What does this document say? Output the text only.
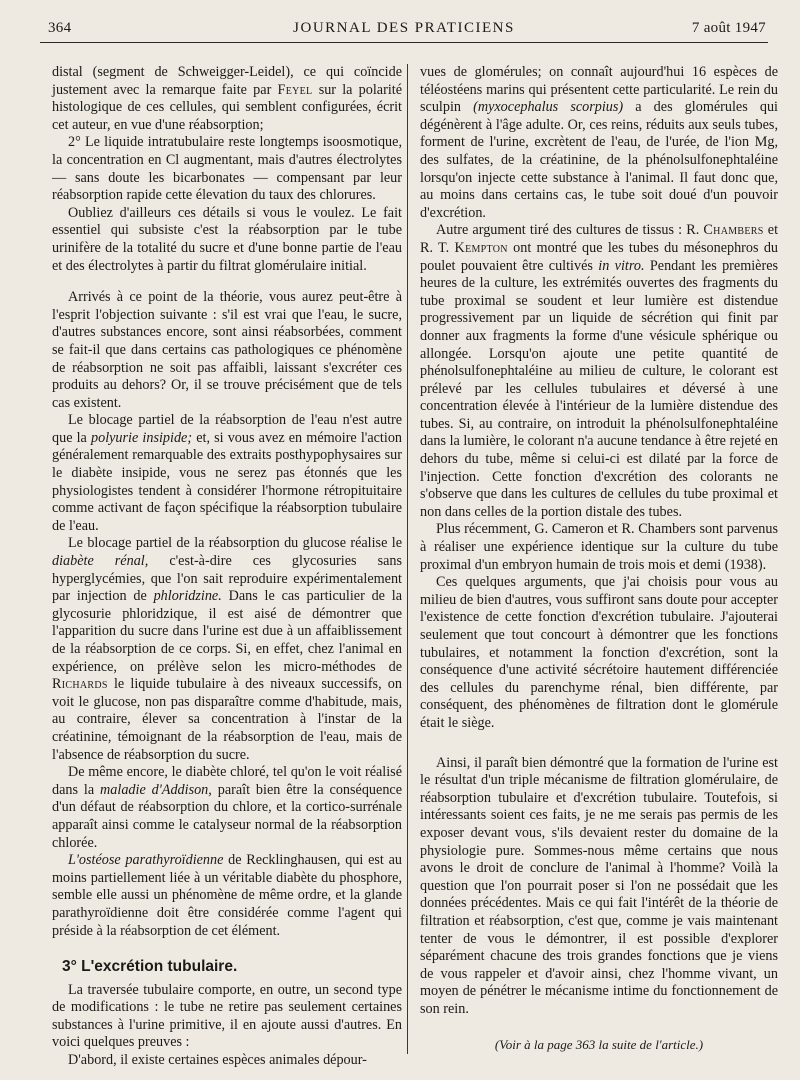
364	JOURNAL DES PRATICIENS	7 août 1947

distal (segment de Schweigger-Leidel), ce qui coïncide justement avec la remarque faite par Feyel sur la polarité histologique de ces cellules, qui semblent configurées, écrit cet auteur, en vue d'une réabsorption;

2° Le liquide intratubulaire reste longtemps isoosmotique, la concentration en Cl augmentant, mais d'autres électrolytes — sans doute les bicarbonates — compensant par leur réabsorption rapide cette élevation du taux des chlorures.

Oubliez d'ailleurs ces détails si vous le voulez. Le fait essentiel qui subsiste c'est la réabsorption par le tube urinifère de la totalité du sucre et d'une bonne partie de l'eau et des électrolytes à partir du filtrat glomérulaire initial.

Arrivés à ce point de la théorie, vous aurez peut-être à l'esprit l'objection suivante : s'il est vrai que l'eau, le sucre, d'autres substances encore, sont ainsi réabsorbées, comment se fait-il que dans certains cas pathologiques ce phénomène de réabsorption ne soit pas affaibli, laissant s'excréter ces produits au dehors? Or, il se trouve précisément que de tels cas existent.

Le blocage partiel de la réabsorption de l'eau n'est autre que la polyurie insipide; et, si vous avez en mémoire l'action généralement remarquable des extraits posthypophysaires sur le diabète insipide, vous ne serez pas étonnés que les physiologistes tendent à considérer l'hormone rétropituitaire comme activant de façon spécifique la réabsorption tubulaire de l'eau.

Le blocage partiel de la réabsorption du glucose réalise le diabète rénal, c'est-à-dire ces glycosuries sans hyperglycémies, que l'on sait reproduire expérimentalement par injection de phloridzine. Dans le cas particulier de la glycosurie phloridzique, il est aisé de démontrer que l'apparition du sucre dans l'urine est due à un affaiblissement de la réabsorption de ce corps. Si, en effet, chez l'animal en expérience, on prélève selon les micro-méthodes de Richards le liquide tubulaire à des niveaux successifs, on voit le glucose, non pas disparaître comme d'habitude, mais, au contraire, élever sa concentration à l'instar de la créatinine, témoignant de la réabsorption de l'eau, mais de l'absence de réabsorption du sucre.

De même encore, le diabète chloré, tel qu'on le voit réalisé dans la maladie d'Addison, paraît bien être la conséquence d'un défaut de réabsorption du chlore, et la cortico-surrénale apparaît ainsi comme le catalyseur normal de la réabsorption chlorée.

L'ostéose parathyroïdienne de Recklinghausen, qui est au moins partiellement liée à un véritable diabète du phosphore, semble elle aussi un phénomène de même ordre, et la glande parathyroïdienne doit être considérée comme l'agent qui préside à la réabsorption de cet élément.

3° L'excrétion tubulaire.

La traversée tubulaire comporte, en outre, un second type de modifications : le tube ne retire pas seulement certaines substances à l'urine primitive, il en ajoute aussi d'autres. En voici quelques preuves :

D'abord, il existe certaines espèces animales dépour-

vues de glomérules; on connaît aujourd'hui 16 espèces de téléostéens marins qui présentent cette particularité. Le rein du sculpin (myxocephalus scorpius) a des glomérules qui dégénèrent à l'âge adulte. Or, ces reins, réduits aux seuls tubes, forment de l'urine, excrètent de l'eau, de l'urée, de l'ion Mg, des sulfates, de la créatinine, de la phénolsulfonephtaléine lorsqu'on injecte cette substance à l'animal. Il faut donc que, au moins dans certains cas, le tube soit doué d'un pouvoir d'excrétion.

Autre argument tiré des cultures de tissus : R. Chambers et R. T. Kempton ont montré que les tubes du mésonephros du poulet pouvaient être cultivés in vitro. Pendant les premières heures de la culture, les extrémités ouvertes des fragments du tube proximal se soudent et leur lumière est distendue progressivement par un liquide de sécrétion qui finit par donner aux fragments la forme d'une vésicule sphérique ou allongée. Lorsqu'on ajoute une petite quantité de phénolsulfonephtaléine au milieu de culture, le colorant est prélevé par les cellules tubulaires et déversé à une concentration élevée à l'intérieur de la lumière distendue des tubes. Si, au contraire, on introduit la phénolsulfonephtaléine dans la lumière, le colorant n'a aucune tendance à être rejeté en dehors du tube, même si celui-ci est dilaté par la force de l'injection. Cette fonction d'excrétion des colorants ne s'observe que dans les cultures de cellules du tube proximal et non dans celles de la portion distale des tubes.

Plus récemment, G. Cameron et R. Chambers sont parvenus à réaliser une expérience identique sur la culture du tube proximal d'un embryon humain de trois mois et demi (1938).

Ces quelques arguments, que j'ai choisis pour vous au milieu de bien d'autres, vous suffiront sans doute pour accepter l'existence de cette fonction d'excrétion tubulaire. J'ajouterai seulement que tout concourt à démontrer que les fonctions tubulaires, et notamment la fonction d'excrétion, sont la conséquence d'une activité sécrétoire hautement différenciée des cellules du parenchyme rénal, bien différente, par conséquent, des phénomènes de filtration dont le glomérule était le siège.

Ainsi, il paraît bien démontré que la formation de l'urine est le résultat d'un triple mécanisme de filtration glomérulaire, de réabsorption tubulaire et d'excrétion tubulaire. Toutefois, si intéressants soient ces faits, je ne me serais pas permis de les exposer devant vous, s'ils devaient rester du domaine de la physiologie pure. Sommes-nous même certains que nous avons le droit de conclure de l'animal à l'homme? Voilà la question que l'on pourrait poser si l'on ne possédait que les données précédentes. Mais ce qui fait l'intérêt de la théorie de filtration et réabsorption, c'est que, comme je vais maintenant tenter de vous le démontrer, il est possible d'explorer séparément chacune des trois grandes fonctions que je viens de vous rappeler et d'avoir ainsi, chez l'homme vivant, un moyen de pénétrer le mécanisme intime du fonctionnement de son rein.

(Voir à la page 363 la suite de l'article.)
